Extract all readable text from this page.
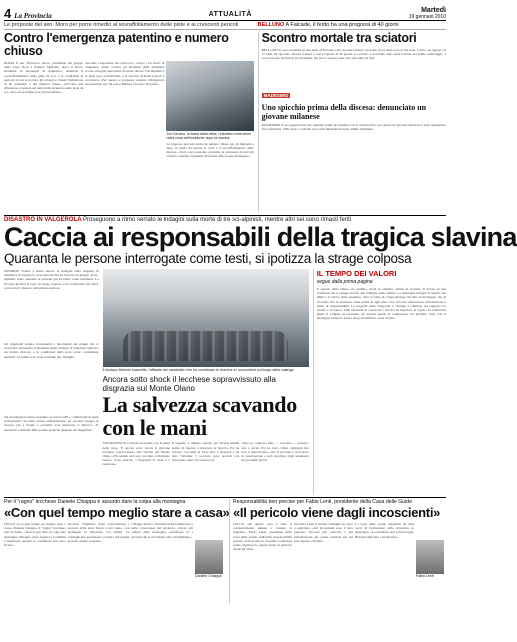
4 La Provincia	ATTUALITÀ
Martedì
19 gennaio 2010
Le proposte del sen. Moro per porre rimedio al sovraffollamento delle piste e ai crescenti pericoli	BELLUNO A Falcade, il ferito ha una prognosi di 40 giorni
Contro l'emergenza patentino e numero chiuso
ROMA Il sen. Francesco Moro, presidente del gruppo della Lega Nord a Palazzo Madama, dopo il nuovo incidente in montagna di domenica, denuncia il «sovraffollamento delle piste da sci» e le condizioni di pericolo in cui si trovano gli sciatori e chiede l'istituzione di un patentino e del numero chiuso. «Occorre una riflessione profonda sul tema della sicurezza sulle piste da sci, che è un problema non più rinviabile».
Secondo l'esponente del Carroccio, «dopo i tre morti di domenica, senza contare gli incidenti delle settimane scorse, bisogna intervenire in modo deciso. Gli impianti e le piste sono sovraffollati, e la velocità di molti sciatori è eccessiva». Per questo la proposta: rendere obbligatorio un patentino per chi scia e limitare l'accesso alle piste.
Sul Cervino, la frana dalla vetta: l'elicottero interviene nella zona dell'incidente dopo la slavina
La proposta prevede anche un numero chiuso per gli impianti a fune, in modo da evitare le code e il sovraffollamento delle discese. «Solo così possiamo garantire la sicurezza di tutti gli sciatori e tutelare il turismo invernale delle nostre montagne».
Scontro mortale tra sciatori
BELLUNO Si sono scontrati su una pista di Falcade e uno dei due sciatori, un uomo di 42 anni, non ce l'ha fatta. L'altro, un ragazzo di 17 anni, ha riportato diverse fratture e una prognosi di 40 giorni. Lo scontro è avvenuto sulla pista Laresei nel primo pomeriggio. I soccorsi sono arrivati in pochi minuti, ma per lo sciatore non c'era più nulla da fare.
MADESIMO
Uno spicchio prima della discesa: denunciato un giovane milanese
MADESIMO Si era appena fatto uno spinello prima di scendere con lo snowboard e per questo un giovane milanese è stato denunciato dai carabinieri. Sulle piste i controlli sono stati intensificati nelle ultime settimane.
DISASTRO IN VALGEROLA Proseguono a ritmo serrato le indagini sulla morte di tre sci-alpinisti, mentre altri sei sono rimasti feriti
Caccia ai responsabili della tragica slavina
Quaranta le persone interrogate come testi, si ipotizza la strage colposa
SONDRIO Volano a ritmo serrato le indagini sulla tragedia di domenica in Valgerola, dove una slavina ha travolto un gruppo di sci-alpinisti. Sono quaranta le persone già ascoltate come testimoni. La Procura ipotizza il reato di strage colposa e sta verificando chi abbia provocato il distacco della massa nevosa.
Gli inquirenti stanno ricostruendo i movimenti dei gruppi che si trovavano sul pendio al momento della valanga. Il bollettino indicava un rischio marcato e le condizioni della neve erano considerate instabili. Le salme sono state restituite alle famiglie.
Gli investigatori hanno acquisito le tracce GPS e i filmati girati dagli escursionisti. Secondo alcune testimonianze, un secondo gruppo si trovava più a monte e potrebbe aver innescato il distacco. Si attendono i risultati delle perizie tecniche disposte dal magistrato.
Il sindaco Michele Ioannidis, l'ufficiale dei carabinieri che ha coordinato le ricerche e i soccorritori sul luogo della valanga
Ancora sotto shock il lecchese sopravvissuto alla disgrazia sul Monte Olano
La salvezza scavando con le mani
VALMASINO Si è salvato scavando con le mani nella neve. È ancora sotto shock il giovane lecchese sopravvissuto alla slavina sul Monte Olano. «Ho sentito un boato, poi tutto è diventato bianco. Sono riuscito a liberarmi la testa e a respirare».
Il ragazzo è rimasto sepolto per diversi minuti prima di riuscire a muovere le braccia. Poi ha scavato con tutte le forze fino a liberarsi e ha dato l'allarme. I soccorsi sono arrivati con l'elicottero dopo circa mezz'ora.
«Non so come ho fatto — racconta — pensavo solo a uscire. Poi ho visto i miei compagni che non si muovevano». Ora il giovane è ricoverato in osservazione e sarà ascoltato dagli inquirenti nei prossimi giorni.
IL TEMPO DEI VALORI
segue dalla prima pagina
Il sagrato della chiesa era gremito, molti in silenzio, alcuni in lacrime. Il dolore di una comunità che si stringe attorno alle famiglie delle vittime. La montagna insegna il rispetto dei limiti e il valore della prudenza. Non si tratta di colpevolizzare chi ama la montagna, ma di ricordare che la sicurezza viene prima di ogni altra cosa. Occorre educazione, informazione e senso di responsabilità. La tragedia della Valgerola ci obbliga a riflettere sul rapporto tra l'uomo e la natura, sulla necessità di conoscere i rischi e di rispettare le regole. Le istituzioni hanno il compito di prevenire, gli sciatori quello di comportarsi con giudizio. Solo così la montagna tornerà a essere luogo di bellezza e non di lutto.
Per il "ragno" lecchese Daniele Chiappa è assurdo dare la colpa alla montagna
«Con quel tempo meglio stare a casa»
LECCO «Con quel tempo era meglio stare a casa». Daniele Chiappa, il "ragno" lecchese, non ha dubbi. «Non si può dare la colpa alla montagna. Bisogna saper leggere i bollettini e rinunciare quando le condizioni non sono sicure».
Secondo l'alpinista, molti sottovalutano i pericoli della neve fresca e del vento. «La montagna va affrontata con umiltà. Le valanghe non perdonano e anche i più esperti possono essere sorpresi».
Chiappa invita a investire nella formazione e nella conoscenza del territorio. «Serve più cultura della montagna, soprattutto tra i giovani che si avvicinano allo scialpinismo».
Daniele Chiappa
Responsabilità ben precise per Fabio Lenti, presidente della Casa delle Guide
«Il pericolo viene dagli incoscienti»
LECCO «In questo caso è stato il comportamento umano a causare la tragedia». Fabio Lenti, presidente della Casa delle Guide, individua responsabilità precise. «Chi si muove in quelle condizioni senza rispettare le regole mette in pericolo anche gli altri».
Secondo Lenti il rischio valanghe era noto e segnalato. «Gli incoscienti sono il vero pericolo. Occorre più controllo e più informazione, ma anche sanzioni per chi non rispetta i divieti».
La Casa delle Guide organizza da anni corsi di formazione sulla sicurezza in montagna. «La prudenza non è mai troppa. Bisogna imparare a rinunciare».
Fabio Lenti
